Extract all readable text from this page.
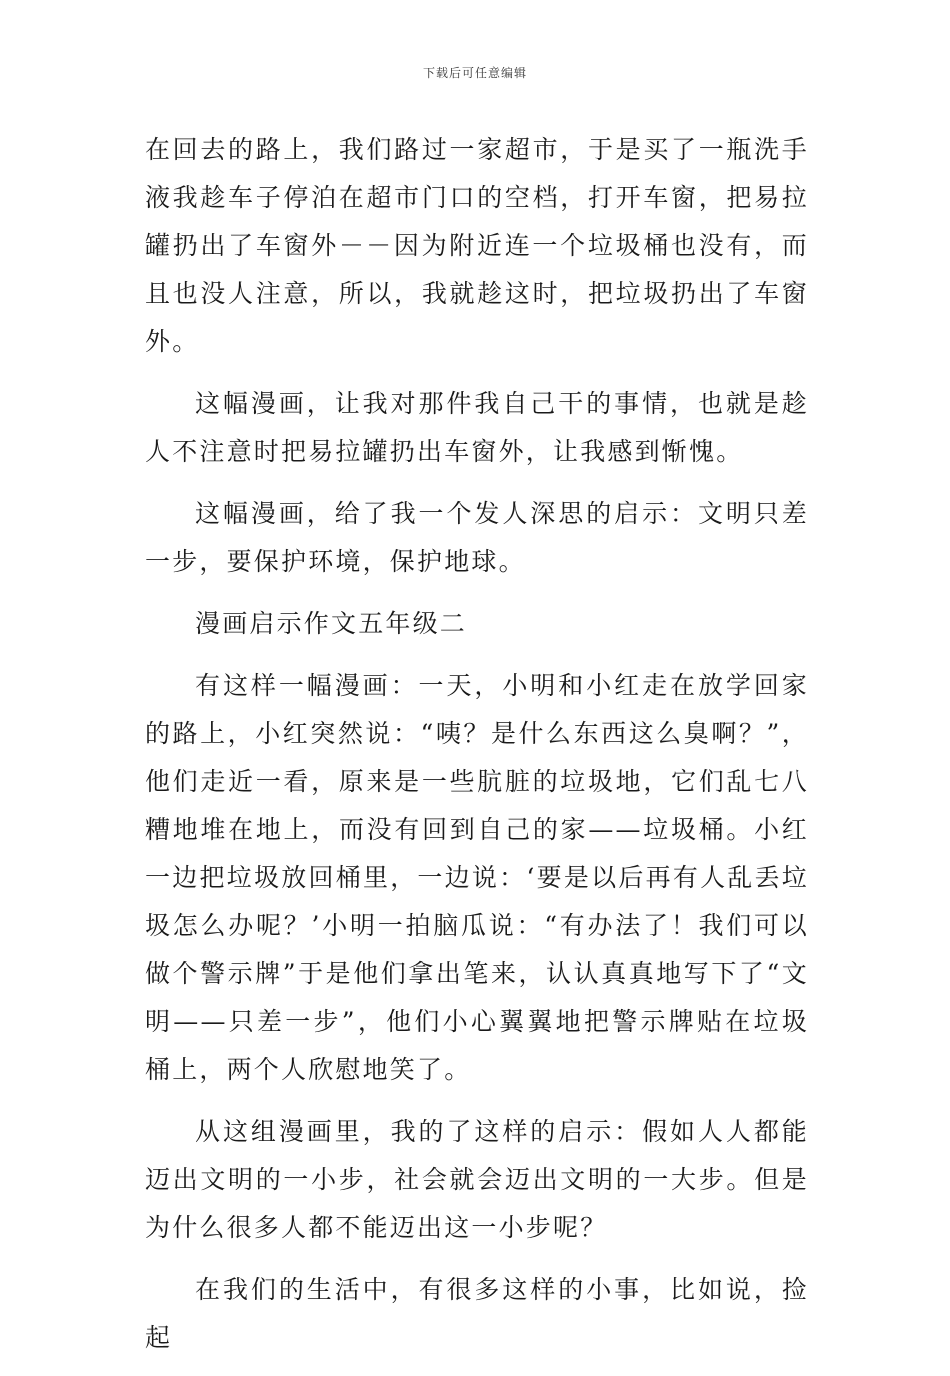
下载后可任意编辑

在回去的路上，我们路过一家超市，于是买了一瓶洗手液我趁车子停泊在超市门口的空档，打开车窗，把易拉罐扔出了车窗外－－因为附近连一个垃圾桶也没有，而且也没人注意，所以，我就趁这时，把垃圾扔出了车窗外。

这幅漫画，让我对那件我自己干的事情，也就是趁人不注意时把易拉罐扔出车窗外，让我感到惭愧。

这幅漫画，给了我一个发人深思的启示：文明只差一步，要保护环境，保护地球。

漫画启示作文五年级二

有这样一幅漫画：一天，小明和小红走在放学回家的路上，小红突然说：“咦？是什么东西这么臭啊？”，他们走近一看，原来是一些肮脏的垃圾地，它们乱七八糟地堆在地上，而没有回到自己的家——垃圾桶。小红一边把垃圾放回桶里，一边说：‘要是以后再有人乱丢垃圾怎么办呢？’小明一拍脑瓜说：“有办法了！我们可以做个警示牌”于是他们拿出笔来，认认真真地写下了“文明——只差一步”，他们小心翼翼地把警示牌贴在垃圾桶上，两个人欣慰地笑了。

从这组漫画里，我的了这样的启示：假如人人都能迈出文明的一小步，社会就会迈出文明的一大步。但是为什么很多人都不能迈出这一小步呢？

在我们的生活中，有很多这样的小事，比如说，捡起
